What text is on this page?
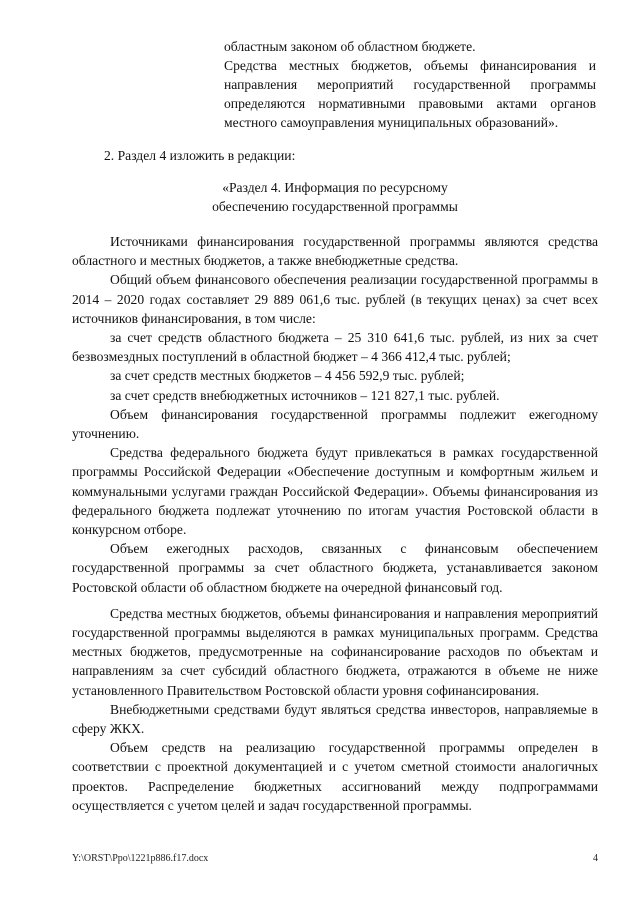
областным законом об областном бюджете.

Средства местных бюджетов, объемы финансирования и направления мероприятий государственной программы определяются нормативными правовыми актами органов местного самоуправления муниципальных образований».

2. Раздел 4 изложить в редакции:
«Раздел 4. Информация по ресурсному
обеспечению государственной программы

Источниками финансирования государственной программы являются средства областного и местных бюджетов, а также внебюджетные средства.

Общий объем финансового обеспечения реализации государственной программы в 2014 – 2020 годах составляет 29 889 061,6 тыс. рублей (в текущих ценах) за счет всех источников финансирования, в том числе:

за счет средств областного бюджета – 25 310 641,6 тыс. рублей, из них за счет безвозмездных поступлений в областной бюджет – 4 366 412,4 тыс. рублей;

за счет средств местных бюджетов – 4 456 592,9 тыс. рублей;

за счет средств внебюджетных источников – 121 827,1 тыс. рублей.

Объем финансирования государственной программы подлежит ежегодному уточнению.

Средства федерального бюджета будут привлекаться в рамках государственной программы Российской Федерации «Обеспечение доступным и комфортным жильем и коммунальными услугами граждан Российской Федерации». Объемы финансирования из федерального бюджета подлежат уточнению по итогам участия Ростовской области в конкурсном отборе.

Объем ежегодных расходов, связанных с финансовым обеспечением государственной программы за счет областного бюджета, устанавливается законом Ростовской области об областном бюджете на очередной финансовый год.

Средства местных бюджетов, объемы финансирования и направления мероприятий государственной программы выделяются в рамках муниципальных программ. Средства местных бюджетов, предусмотренные на софинансирование расходов по объектам и направлениям за счет субсидий областного бюджета, отражаются в объеме не ниже установленного Правительством Ростовской области уровня софинансирования.

Внебюджетными средствами будут являться средства инвесторов, направляемые в сферу ЖКХ.

Объем средств на реализацию государственной программы определен в соответствии с проектной документацией и с учетом сметной стоимости аналогичных проектов. Распределение бюджетных ассигнований между подпрограммами осуществляется с учетом целей и задач государственной программы.

Y:\ORST\Ppo\1221p886.f17.docx	4
